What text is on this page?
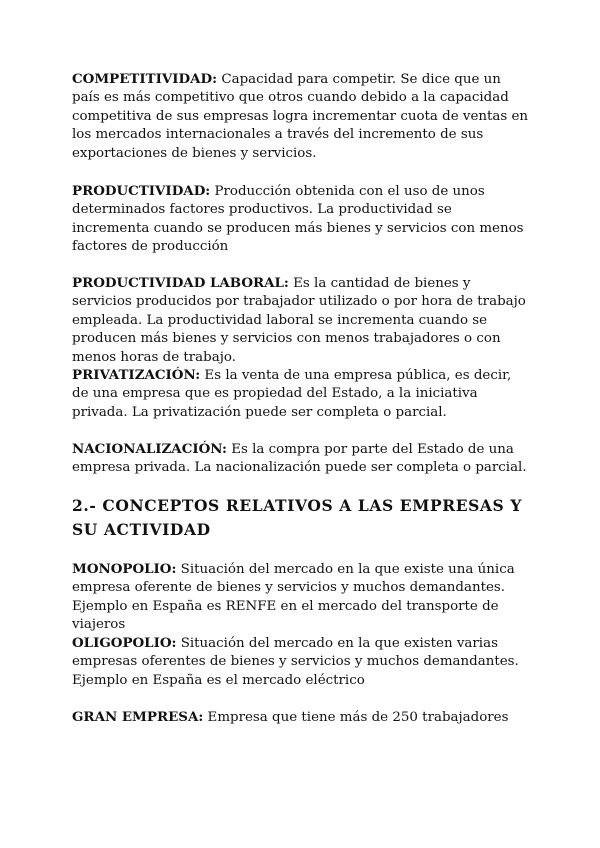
COMPETITIVIDAD: Capacidad para competir. Se dice que un país es más competitivo que otros cuando debido a la capacidad competitiva de sus empresas logra incrementar cuota de ventas en los mercados internacionales a través del incremento de sus exportaciones de bienes y servicios.

PRODUCTIVIDAD: Producción obtenida con el uso de unos determinados factores productivos. La productividad se incrementa cuando se producen más bienes y servicios con menos factores de producción

PRODUCTIVIDAD LABORAL: Es la cantidad de bienes y servicios producidos por trabajador utilizado o por hora de trabajo empleada. La productividad laboral se incrementa cuando se producen más bienes y servicios con menos trabajadores o con menos horas de trabajo.

PRIVATIZACIÓN: Es la venta de una empresa pública, es decir, de una empresa que es propiedad del Estado, a la iniciativa privada. La privatización puede ser completa o parcial.

NACIONALIZACIÓN: Es la compra por parte del Estado de una empresa privada. La nacionalización puede ser completa o parcial.

2.- CONCEPTOS RELATIVOS A LAS EMPRESAS Y SU ACTIVIDAD

MONOPOLIO: Situación del mercado en la que existe una única empresa oferente de bienes y servicios y muchos demandantes. Ejemplo en España es RENFE en el mercado del transporte de viajeros

OLIGOPOLIO: Situación del mercado en la que existen varias empresas oferentes de bienes y servicios y muchos demandantes. Ejemplo en España es el mercado eléctrico

GRAN EMPRESA: Empresa que tiene más de 250 trabajadores
